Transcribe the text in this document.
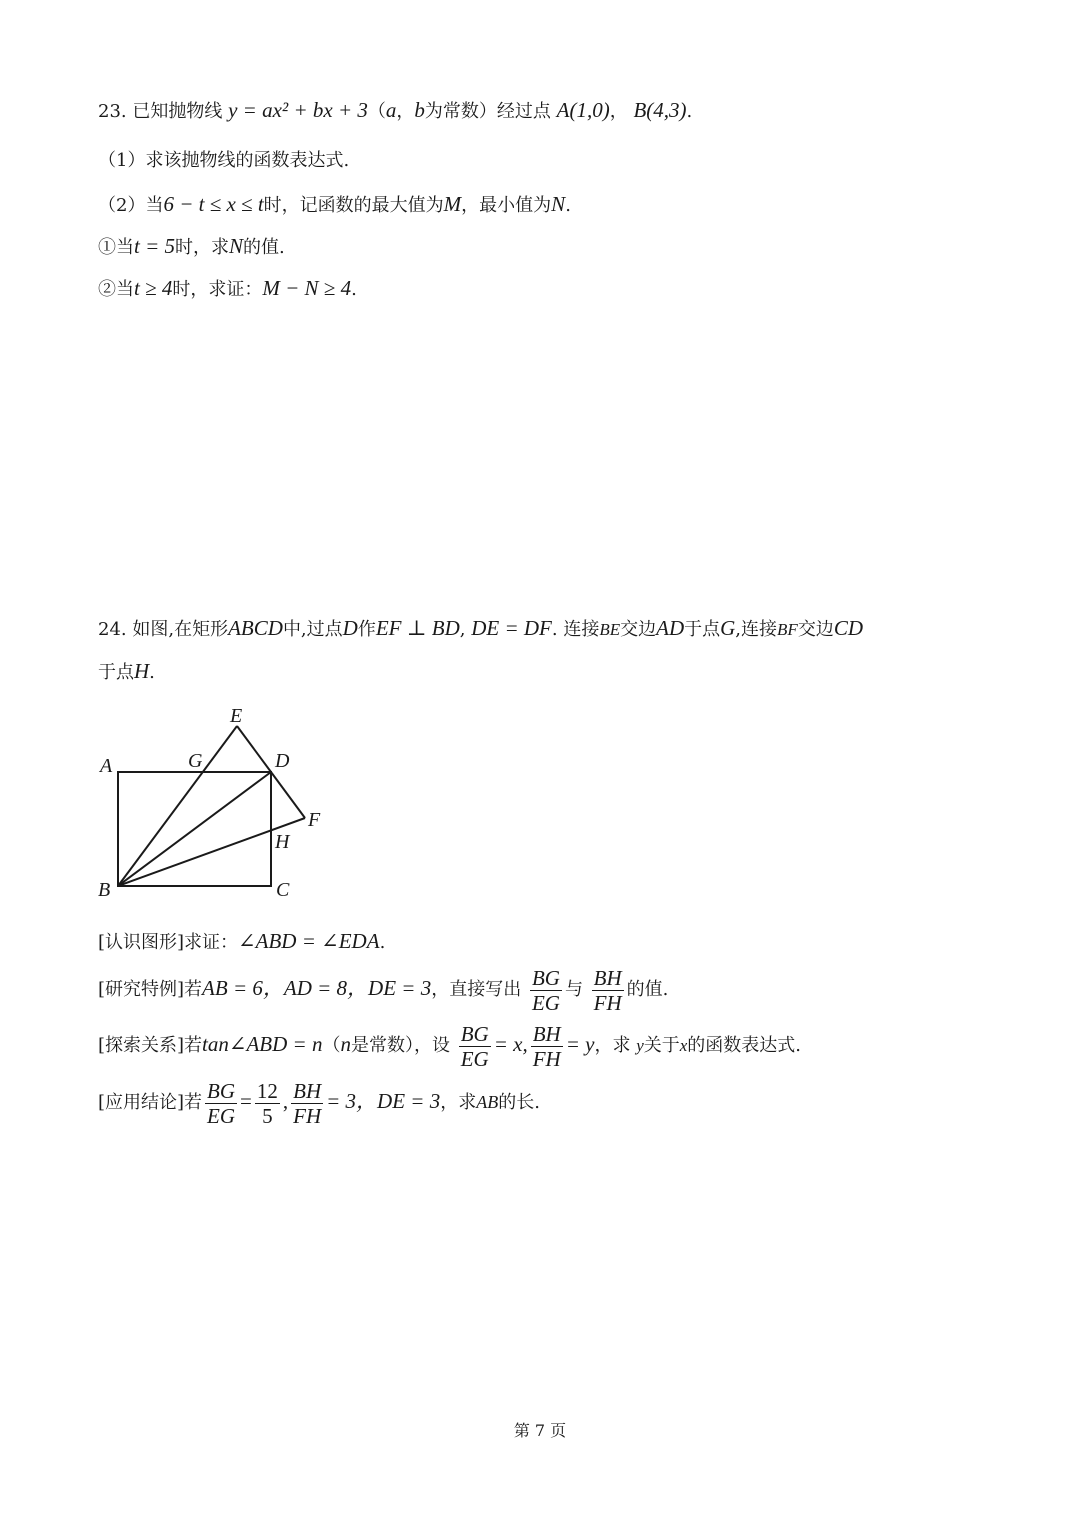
23. 已知抛物线 y = ax² + bx + 3（a，b为常数）经过点 A(1,0)， B(4,3).
（1）求该抛物线的函数表达式.
（2）当6 − t ≤ x ≤ t时，记函数的最大值为M，最小值为N.
①当t = 5时，求N的值.
②当t ≥ 4时，求证：M − N ≥ 4.
24. 如图,在矩形ABCD中,过点D作EF ⊥ BD, DE = DF. 连接BE交边AD于点G,连接BF交边CD
于点H.
E
A	G	D
F
H
B	C
[认识图形]求证：∠ABD = ∠EDA.
[研究特例]若AB = 6，AD = 8，DE = 3，直接写出 $\frac{BG}{EG}$ 与 $\frac{BH}{FH}$ 的值.
[探索关系]若tan∠ABD = n（n是常数），设 $\frac{BG}{EG} = x$, $\frac{BH}{FH} = y$，求 y关于x的函数表达式.
[应用结论]若 $\frac{BG}{EG} = \frac{12}{5}$ , $\frac{BH}{FH} = 3$，DE = 3，求AB的长.
第 7 页
